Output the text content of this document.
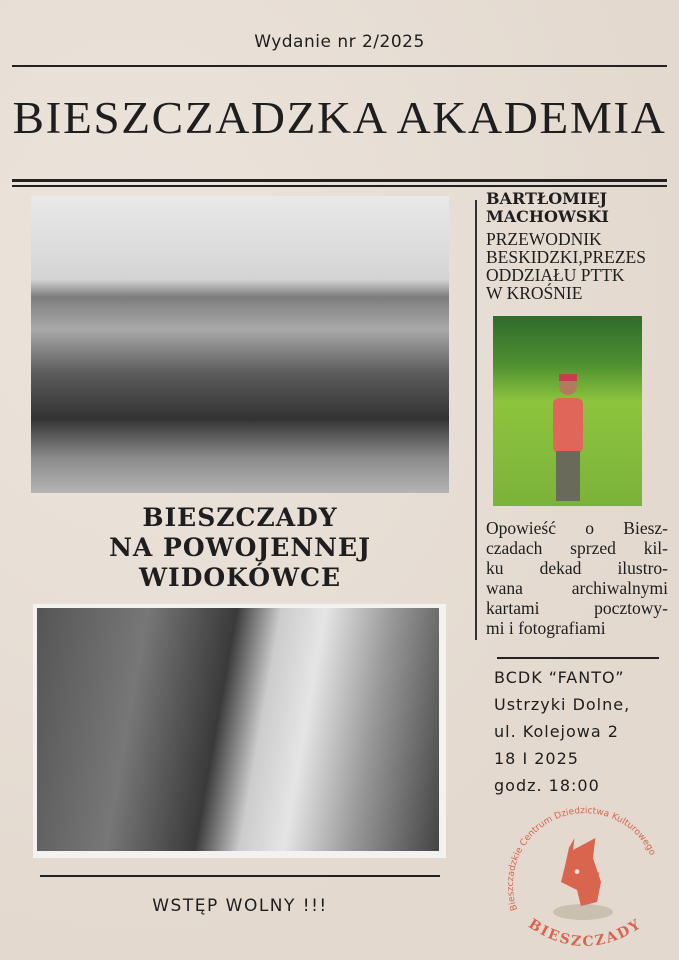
Wydanie nr 2/2025
BIESZCZADZKA AKADEMIA
BIESZCZADY
NA POWOJENNEJ
WIDOKÓWCE
WSTĘP WOLNY !!!
BARTŁOMIEJ
MACHOWSKI
PRZEWODNIK
BESKIDZKI,PREZES
ODDZIAŁU PTTK
W KROŚNIE
Opowieść o Biesz-
czadach sprzed kil-
ku dekad ilustro-
wana archiwalnymi
kartami pocztowy-
mi i fotografiami
BCDK “FANTO”
Ustrzyki Dolne,
ul. Kolejowa 2
18 I 2025
godz. 18:00
Bieszczadzkie Centrum Dziedzictwa Kulturowego
BIESZCZADY
